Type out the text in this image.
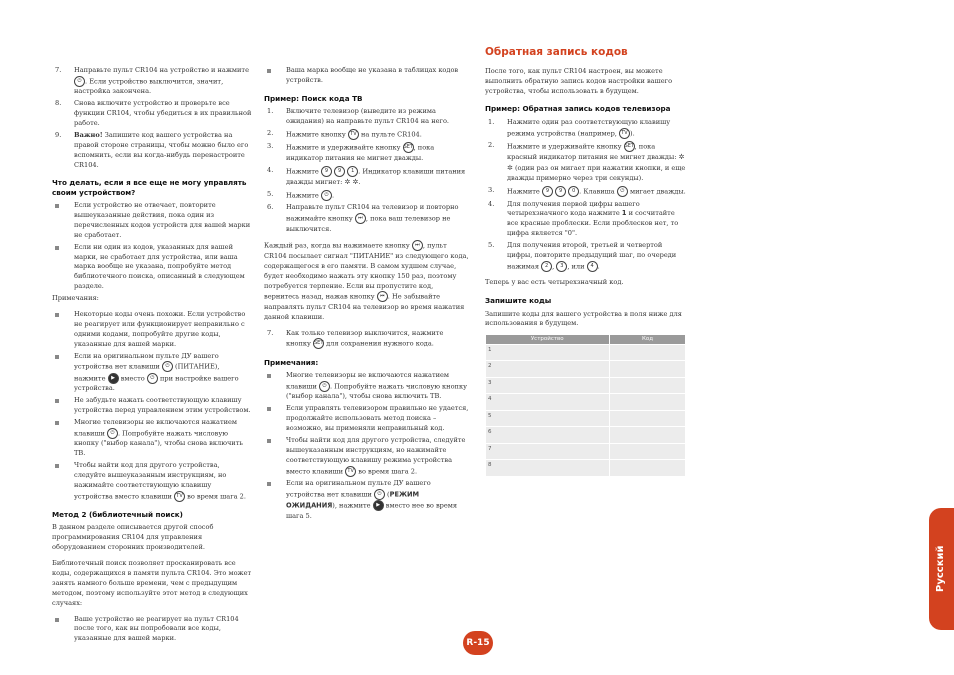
7.	Направьте пульт CR104 на устройство и нажмите ⏻ . Если устройство выключится, значит, настройка закончена.
8.	Снова включите устройство и проверьте все функции CR104, чтобы убедиться в их правильной работе.
9.	Важно! Запишите код вашего устройства на правой стороне страницы, чтобы можно было его вспомнить, если вы когда-нибудь перенастроите CR104.
Что делать, если я все еще не могу управлять своим устройством?
Если устройство не отвечает, повторите вышеуказанные действия, пока один из перечисленных кодов устройств для вашей марки не сработает.
Если ни один из кодов, указанных для вашей марки, не сработает для устройства, или ваша марка вообще не указана, попробуйте метод библиотечного поиска, описанный в следующем разделе.

Примечания:

Некоторые коды очень похожи. Если устройство не реагирует или функционирует неправильно с одними кодами, попробуйте другие коды, указанные для вашей марки.
Если на оригинальном пульте ДУ вашего устройства нет клавиши ⏻ (ПИТАНИЕ), нажмите ▶ вместо ⏻ при настройке вашего устройства.
Не забудьте нажать соответствующую клавишу устройства перед управлением этим устройством.
Многие телевизоры не включаются нажатием клавиши ⏻ . Попробуйте нажать числовую кнопку ("выбор канала"), чтобы снова включить ТВ.
Чтобы найти код для другого устройства, следуйте вышеуказанным инструкциям, но нажимайте соответствующую клавишу устройства вместо клавиши TV во время шага 2.
Метод 2 (библиотечный поиск)

В данном разделе описывается другой способ программирования CR104 для управления оборудованием сторонних производителей.

Библиотечный поиск позволяет просканировать все коды, содержащихся в памяти пульта CR104. Это может занять намного больше времени, чем с предыдущим методом, поэтому используйте этот метод в следующих случаях:

Ваше устройство не реагирует на пульт CR104 после того, как вы попробовали все коды, указанные для вашей марки.
Ваша марка вообще не указана в таблицах кодов устройств.
Пример: Поиск кода ТВ
1.	Включите телевизор (выведите из режима ожидания) на направьте пульт CR104 на него.
2.	Нажмите кнопку TV на пульте CR104.
3.	Нажмите и удерживайте кнопку SET, пока индикатор питания не мигнет дважды.
4.	Нажмите 9 9 1 . Индикатор клавиши питания дважды мигнет: ✲ ✲.
5.	Нажмите ⏻ .
6.	Направьте пульт CR104 на телевизор и повторно нажимайте кнопку ⏭ , пока ваш телевизор не выключится.

Каждый раз, когда вы нажимаете кнопку ⏭ , пульт CR104 посылает сигнал "ПИТАНИЕ" из следующего кода, содержащегося в его памяти. В самом худшем случае, будет необходимо нажать эту кнопку 150 раз, поэтому потребуется терпение. Если вы пропустите код, вернитесь назад, нажав кнопку ⏮ . Не забывайте направлять пульт CR104 на телевизор во время нажатия данной клавиши.

7.	Как только телевизор выключится, нажмите кнопку SET для сохранения нужного кода.
Примечания:
Многие телевизоры не включаются нажатием клавиши ⏻ . Попробуйте нажать числовую кнопку ("выбор канала"), чтобы снова включить ТВ.
Если управлять телевизором правильно не удается, продолжайте использовать метод поиска – возможно, вы применяли неправильный код.
Чтобы найти код для другого устройства, следуйте вышеуказанным инструкциям, но нажимайте соответствующую клавишу режима устройства вместо клавиши TV во время шага 2.
Если на оригинальном пульте ДУ вашего устройства нет клавиши ⏻ (РЕЖИМ ОЖИДАНИЯ), нажмите ▶ вместо нее во время шага 5.
Обратная запись кодов

После того, как пульт CR104 настроен, вы можете выполнить обратную запись кодов настройки вашего устройства, чтобы использовать в будущем.

Пример: Обратная запись кодов телевизора
1.	Нажмите один раз соответствующую клавишу режима устройства (например, TV ).
2.	Нажмите и удерживайте кнопку SET, пока красный индикатор питания не мигнет дважды: ✲ ✲ (один раз он мигает при нажатии кнопки, и еще дважды примерно через три секунды).
3.	Нажмите 9 9 0 . Клавиша ⏻ мигает дважды.
4.	Для получения первой цифры вашего четырехзначного кода нажмите 1 и сосчитайте все красные проблески. Если проблесков нет, то цифра является "0".
5.	Для получения второй, третьей и четвертой цифры, повторите предыдущий шаг, по очереди нажимая 2 , 3 , или 4 .

Теперь у вас есть четырехзначный код.

Запишите коды

Запишите коды для вашего устройства в поля ниже для использования в будущем.

Устройство	Код
1	
2	
3	
4	
5	
6	
7	
8	
Русский
R-15
